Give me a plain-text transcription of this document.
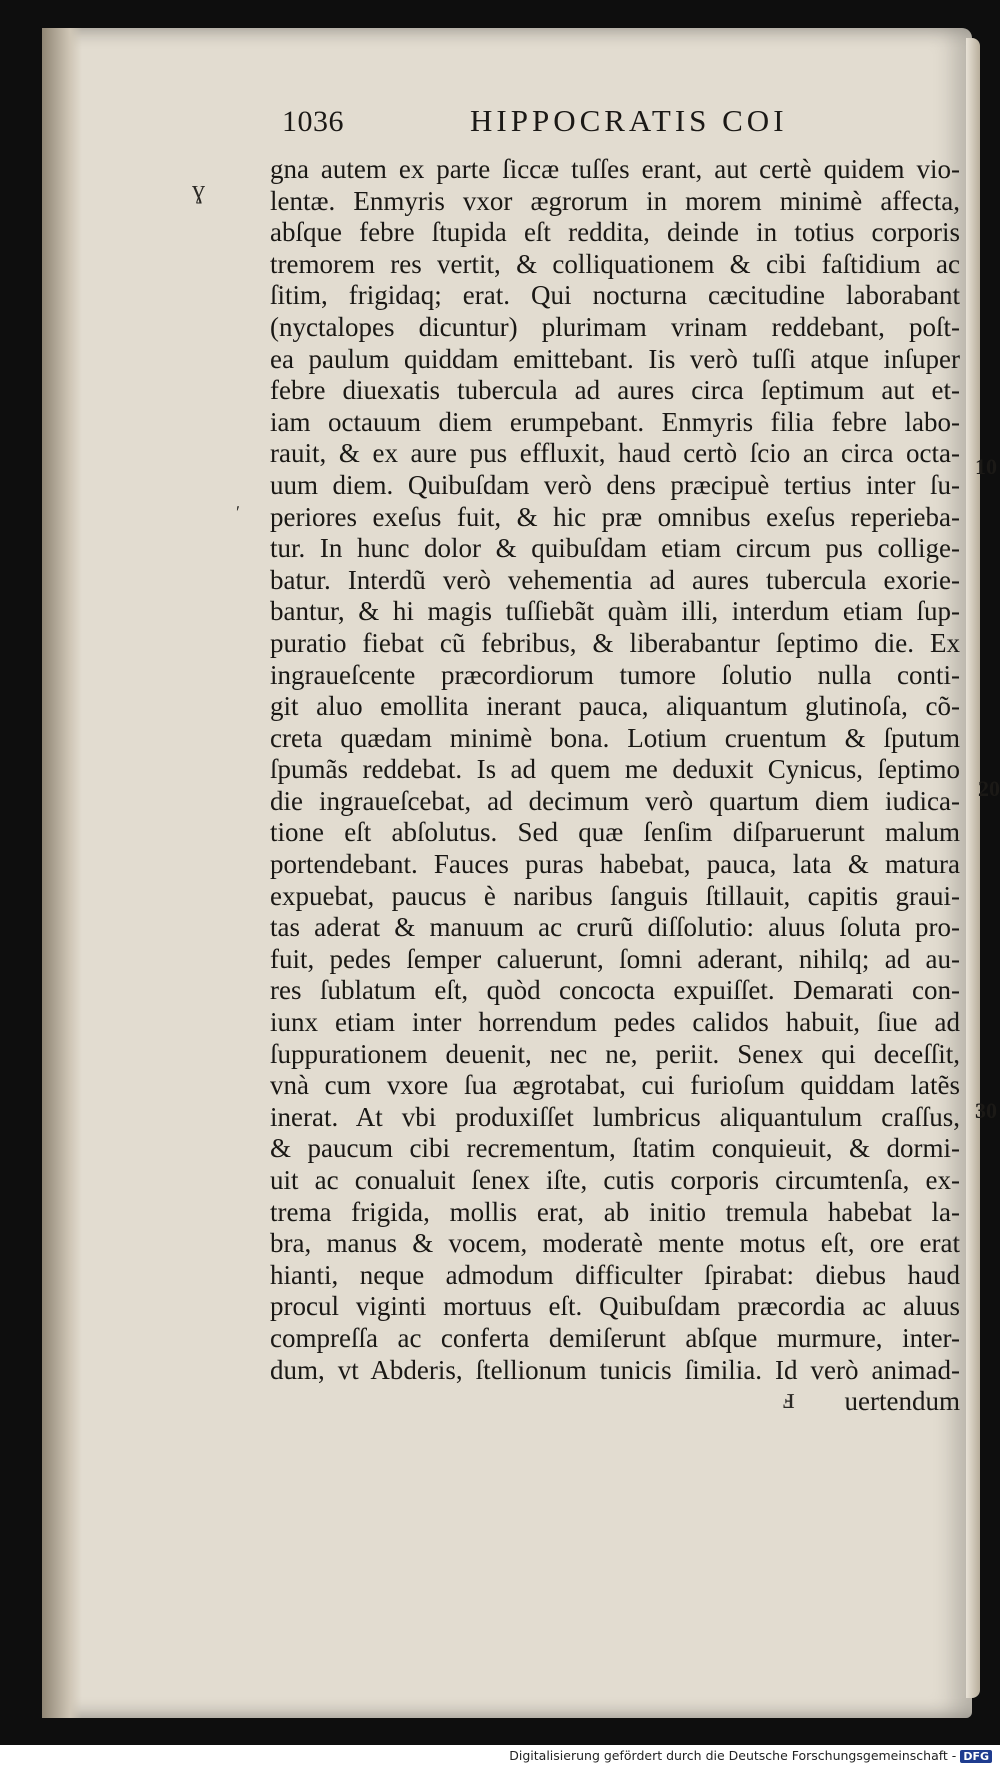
1036	HIPPOCRATIS COI
gna autem ex parte ſiccæ tuſſes erant, aut certè quidem vio-
lentæ. Enmyris vxor ægrorum in morem minimè affecta,
abſque febre ſtupida eſt reddita, deinde in totius corporis
tremorem res vertit, & colliquationem & cibi faſtidium ac
ſitim, frigidaq; erat. Qui nocturna cæcitudine laborabant
(nyctalopes dicuntur) plurimam vrinam reddebant, poſt-
ea paulum quiddam emittebant. Iis verò tuſſi atque inſuper
febre diuexatis tubercula ad aures circa ſeptimum aut et-
iam octauum diem erumpebant. Enmyris filia febre labo-
rauit, & ex aure pus effluxit, haud certò ſcio an circa octa-
uum diem. Quibuſdam verò dens præcipuè tertius inter ſu-
periores exeſus fuit, & hic præ omnibus exeſus reperieba-
tur. In hunc dolor & quibuſdam etiam circum pus collige-
batur. Interdũ verò vehementia ad aures tubercula exorie-
bantur, & hi magis tuſſiebãt quàm illi, interdum etiam ſup-
puratio fiebat cũ febribus, & liberabantur ſeptimo die. Ex
ingraueſcente præcordiorum tumore ſolutio nulla conti-
git aluo emollita inerant pauca, aliquantum glutinoſa, cõ-
creta quædam minimè bona. Lotium cruentum & ſputum
ſpumãs reddebat. Is ad quem me deduxit Cynicus, ſeptimo
die ingraueſcebat, ad decimum verò quartum diem iudica-
tione eſt abſolutus. Sed quæ ſenſim diſparuerunt malum
portendebant. Fauces puras habebat, pauca, lata & matura
expuebat, paucus è naribus ſanguis ſtillauit, capitis graui-
tas aderat & manuum ac crurũ diſſolutio: aluus ſoluta pro-
fuit, pedes ſemper caluerunt, ſomni aderant, nihilq; ad au-
res ſublatum eſt, quòd concocta expuiſſet. Demarati con-
iunx etiam inter horrendum pedes calidos habuit, ſiue ad
ſuppurationem deuenit, nec ne, periit. Senex qui deceſſit,
vnà cum vxore ſua ægrotabat, cui furioſum quiddam latẽs
inerat. At vbi produxiſſet lumbricus aliquantulum craſſus,
& paucum cibi recrementum, ſtatim conquieuit, & dormi-
uit ac conualuit ſenex iſte, cutis corporis circumtenſa, ex-
trema frigida, mollis erat, ab initio tremula habebat la-
bra, manus & vocem, moderatè mente motus eſt, ore erat
hianti, neque admodum difficulter ſpirabat: diebus haud
procul viginti mortuus eſt. Quibuſdam præcordia ac aluus
compreſſa ac conferta demiſerunt abſque murmure, inter-
dum, vt Abderis, ſtellionum tunicis ſimilia. Id verò animad-
uertendum
10
20
30
ɣ
ⅎ
ʹ
Digitalisierung gefördert durch die Deutsche Forschungsgemeinschaft - DFG
